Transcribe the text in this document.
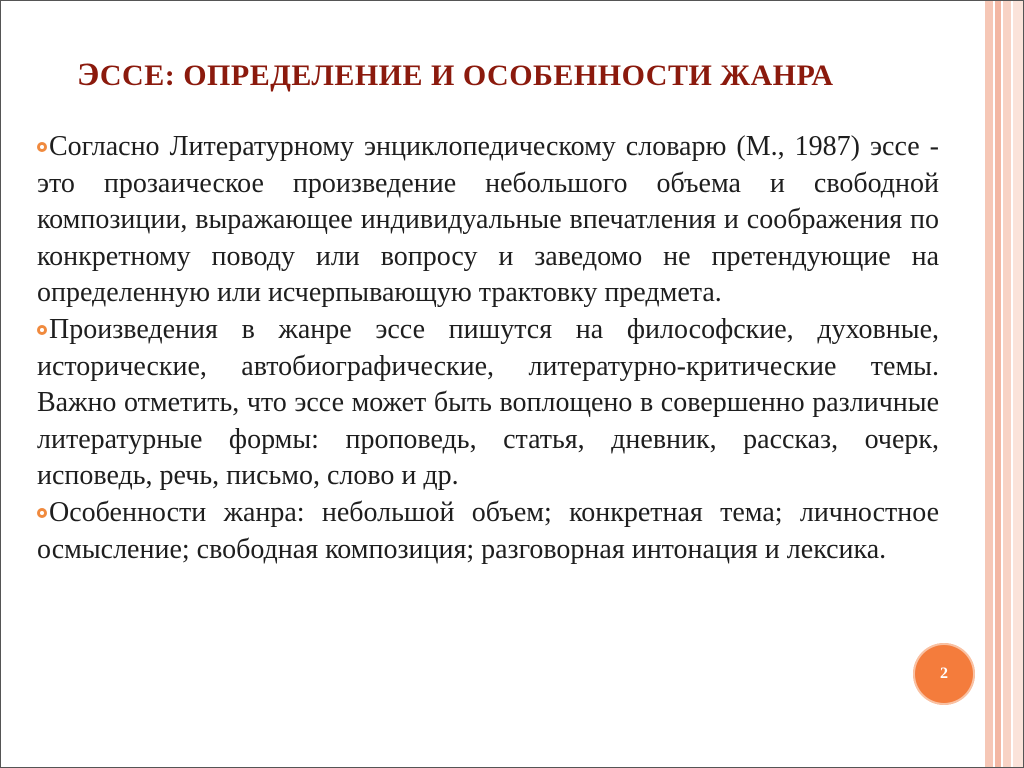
ЭССЕ: ОПРЕДЕЛЕНИЕ И ОСОБЕННОСТИ ЖАНРА

Согласно Литературному энциклопедическому словарю (М., 1987) эссе - это прозаическое произведение небольшого объема и свободной композиции, выражающее индивидуальные впечатления и соображения по конкретному поводу или вопросу и заведомо не претендующие на определенную или исчерпывающую трактовку предмета.

Произведения в жанре эссе пишутся на философские, духовные, исторические, автобиографические, литературно-критические темы. Важно отметить, что эссе может быть воплощено в совершенно различные литературные формы: проповедь, статья, дневник, рассказ, очерк, исповедь, речь, письмо, слово и др.

Особенности жанра: небольшой объем; конкретная тема; личностное осмысление; свободная композиция; разговорная интонация и лексика.

2
